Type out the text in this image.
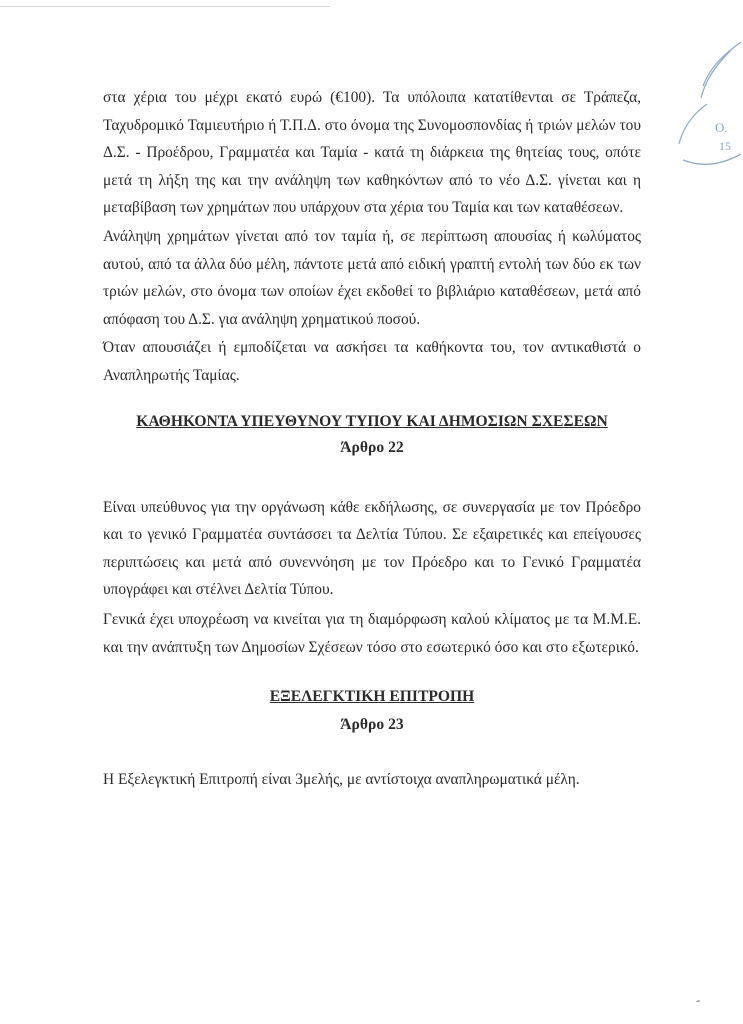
στα χέρια του μέχρι εκατό ευρώ (€100). Τα υπόλοιπα κατατίθενται σε Τράπεζα, Ταχυδρομικό Ταμιευτήριο ή Τ.Π.Δ. στο όνομα της Συνομοσπονδίας ή τριών μελών του Δ.Σ. - Προέδρου, Γραμματέα και Ταμία - κατά τη διάρκεια της θητείας τους, οπότε μετά τη λήξη της και την ανάληψη των καθηκόντων από το νέο Δ.Σ. γίνεται και η μεταβίβαση των χρημάτων που υπάρχουν στα χέρια του Ταμία και των καταθέσεων.

Ανάληψη χρημάτων γίνεται από τον ταμία ή, σε περίπτωση απουσίας ή κωλύματος αυτού, από τα άλλα δύο μέλη, πάντοτε μετά από ειδική γραπτή εντολή των δύο εκ των τριών μελών, στο όνομα των οποίων έχει εκδοθεί το βιβλιάριο καταθέσεων, μετά από απόφαση του Δ.Σ. για ανάληψη χρηματικού ποσού.

Όταν απουσιάζει ή εμποδίζεται να ασκήσει τα καθήκοντα του, τον αντικαθιστά ο Αναπληρωτής Ταμίας.

ΚΑΘΗΚΟΝΤΑ ΥΠΕΥΘΥΝΟΥ ΤΥΠΟΥ ΚΑΙ ΔΗΜΟΣΙΩΝ ΣΧΕΣΕΩΝ
Άρθρο 22

Είναι υπεύθυνος για την οργάνωση κάθε εκδήλωσης, σε συνεργασία με τον Πρόεδρο και το γενικό Γραμματέα συντάσσει τα Δελτία Τύπου. Σε εξαιρετικές και επείγουσες περιπτώσεις και μετά από συνεννόηση με τον Πρόεδρο και το Γενικό Γραμματέα υπογράφει και στέλνει Δελτία Τύπου.

Γενικά έχει υποχρέωση να κινείται για τη διαμόρφωση καλού κλίματος με τα Μ.Μ.Ε. και την ανάπτυξη των Δημοσίων Σχέσεων τόσο στο εσωτερικό όσο και στο εξωτερικό.

ΕΞΕΛΕΓΚΤΙΚΗ ΕΠΙΤΡΟΠΗ
Άρθρο 23

Η Εξελεγκτική Επιτροπή είναι 3μελής, με αντίστοιχα αναπληρωματικά μέλη.

Ο.
15
-
